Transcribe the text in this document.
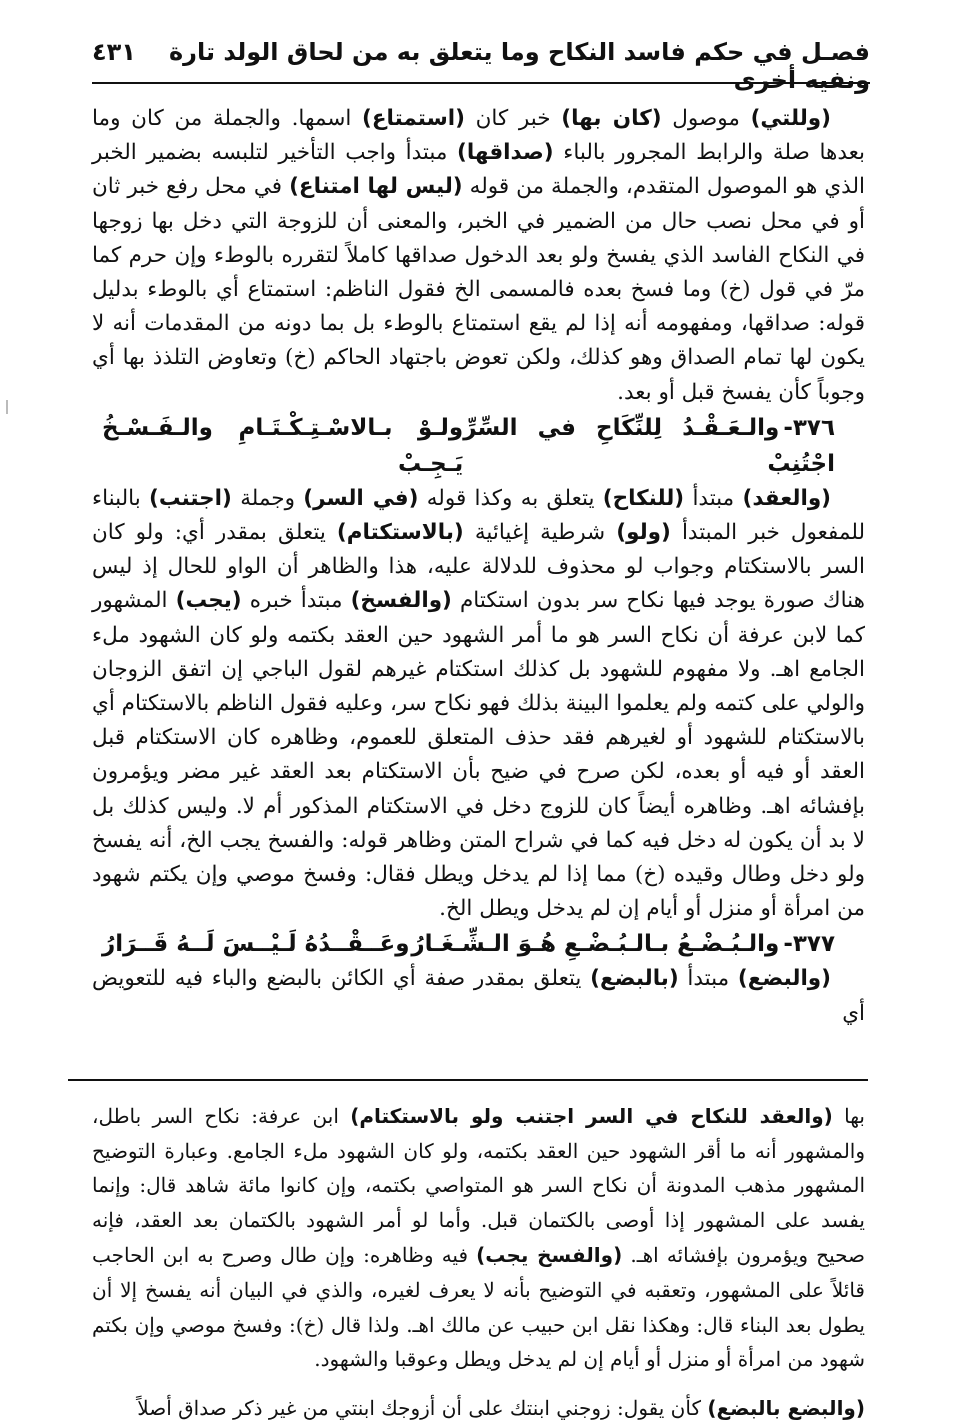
فصـل في حكم فاسد النكاح وما يتعلق به من لحاق الولد تارة ونفيه أخرى
٤٣١

(وللتي) موصول (كان بها) خبر كان (استمتاع) اسمها. والجملة من كان وما بعدها صلة والرابط المجرور بالباء (صداقها) مبتدأ واجب التأخير لتلبسه بضمير الخبر الذي هو الموصول المتقدم، والجملة من قوله (ليس لها امتناع) في محل رفع خبر ثان أو في محل نصب حال من الضمير في الخبر، والمعنى أن للزوجة التي دخل بها زوجها في النكاح الفاسد الذي يفسخ ولو بعد الدخول صداقها كاملاً لتقرره بالوطء وإن حرم كما مرّ في قول (خ) وما فسخ بعده فالمسمى الخ فقول الناظم: استمتاع أي بالوطء بدليل قوله: صداقها، ومفهومه أنه إذا لم يقع استمتاع بالوطء بل بما دونه من المقدمات أنه لا يكون لها تمام الصداق وهو كذلك، ولكن تعوض باجتهاد الحاكم (خ) وتعاوض التلذذ بها أي وجوباً كأن يفسخ قبل أو بعد.

٣٧٦-والـعَـقْـدُ لِلنِّكَاحِ في السِّرِّ اجْتُنِبْ
ولـوْ بـالاسْـتِـكْـتَـامِ والـفَـسْـخُ يَـجِـبْ

(والعقد) مبتدأ (للنكاح) يتعلق به وكذا قوله (في السر) وجملة (اجتنب) بالبناء للمفعول خبر المبتدأ (ولو) شرطية إغيائية (بالاستكتام) يتعلق بمقدر أي: ولو كان السر بالاستكتام وجواب لو محذوف للدلالة عليه، هذا والظاهر أن الواو للحال إذ ليس هناك صورة يوجد فيها نكاح سر بدون استكتام (والفسخ) مبتدأ خبره (يجب) المشهور كما لابن عرفة أن نكاح السر هو ما أمر الشهود حين العقد بكتمه ولو كان الشهود ملء الجامع اهـ. ولا مفهوم للشهود بل كذلك استكتام غيرهم لقول الباجي إن اتفق الزوجان والولي على كتمه ولم يعلموا البينة بذلك فهو نكاح سر، وعليه فقول الناظم بالاستكتام أي بالاستكتام للشهود أو لغيرهم فقد حذف المتعلق للعموم، وظاهره كان الاستكتام قبل العقد أو فيه أو بعده، لكن صرح في ضيح بأن الاستكتام بعد العقد غير مضر ويؤمرون بإفشائه اهـ. وظاهره أيضاً كان للزوج دخل في الاستكتام المذكور أم لا. وليس كذلك بل لا بد أن يكون له دخل فيه كما في شراح المتن وظاهر قوله: والفسخ يجب الخ، أنه يفسخ ولو دخل وطال وقيده (خ) مما إذا لم يدخل ويطل فقال: وفسخ موصي وإن يكتم شهود من امرأة أو منزل أو أيام إن لم يدخل ويطل الخ.

٣٧٧-والـبُـضْـعُ بـالـبُـضْـعِ هُـوَ الـشِّـغَـارُ
وعَــقْــدُهُ لَـيْــسَ لَــهُ قَــرَارُ

(والبضع) مبتدأ (بالبضع) يتعلق بمقدر صفة أي الكائن بالبضع والباء فيه للتعويض أي

بها (والعقد للنكاح في السر اجتنب ولو بالاستكتام) ابن عرفة: نكاح السر باطل، والمشهور أنه ما أقر الشهود حين العقد بكتمه، ولو كان الشهود ملء الجامع. وعبارة التوضيح المشهور مذهب المدونة أن نكاح السر هو المتواصي بكتمه، وإن كانوا مائة شاهد قال: وإنما يفسد على المشهور إذا أوصى بالكتمان قبل. وأما لو أمر الشهود بالكتمان بعد العقد، فإنه صحيح ويؤمرون بإفشائه اهـ. (والفسخ يجب) فيه وظاهره: وإن طال وصرح به ابن الحاجب قائلاً على المشهور، وتعقبه في التوضيح بأنه لا يعرف لغيره، والذي في البيان أنه يفسخ إلا أن يطول بعد البناء قال: وهكذا نقل ابن حبيب عن مالك اهـ. ولذا قال (خ): وفسخ موصي وإن بكتم شهود من امرأة أو منزل أو أيام إن لم يدخل ويطل وعوقبا والشهود.

(والبضع بالبضع) كأن يقول: زوجني ابنتك على أن أزوجك ابنتي من غير ذكر صداق أصلاً
